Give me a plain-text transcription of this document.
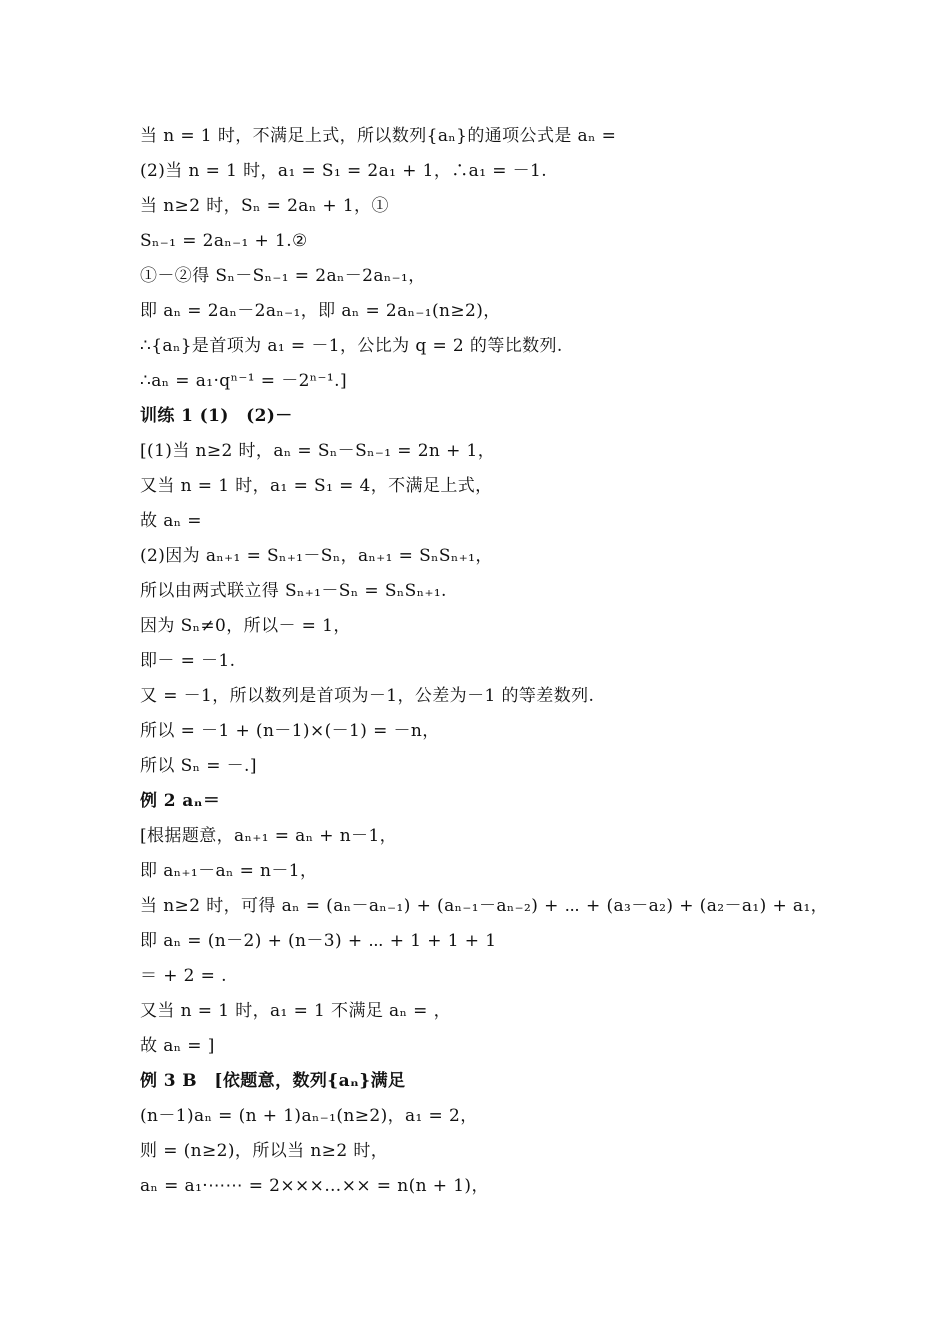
当 n = 1 时，不满足上式，所以数列{aₙ}的通项公式是 aₙ =
(2)当 n = 1 时，a₁ = S₁ = 2a₁ + 1，∴a₁ = －1.
当 n≥2 时，Sₙ = 2aₙ + 1，①
Sₙ₋₁ = 2aₙ₋₁ + 1.②
①－②得 Sₙ－Sₙ₋₁ = 2aₙ－2aₙ₋₁，
即 aₙ = 2aₙ－2aₙ₋₁，即 aₙ = 2aₙ₋₁(n≥2)，
∴{aₙ}是首项为 a₁ = －1，公比为 q = 2 的等比数列.
∴aₙ = a₁·qⁿ⁻¹ = －2ⁿ⁻¹.]
训练 1 (1)　(2)－
[(1)当 n≥2 时，aₙ = Sₙ－Sₙ₋₁ = 2n + 1，
又当 n = 1 时，a₁ = S₁ = 4，不满足上式，
故 aₙ =
(2)因为 aₙ₊₁ = Sₙ₊₁－Sₙ，aₙ₊₁ = SₙSₙ₊₁，
所以由两式联立得 Sₙ₊₁－Sₙ = SₙSₙ₊₁.
因为 Sₙ≠0，所以－ = 1，
即－ = －1.
又 = －1，所以数列是首项为－1，公差为－1 的等差数列.
所以 = －1 + (n－1)×(－1) = －n，
所以 Sₙ = －.]
例 2 aₙ＝
[根据题意，aₙ₊₁ = aₙ + n－1，
即 aₙ₊₁－aₙ = n－1，
当 n≥2 时，可得 aₙ = (aₙ－aₙ₋₁) + (aₙ₋₁－aₙ₋₂) + ⋯ + (a₃－a₂) + (a₂－a₁) + a₁，
即 aₙ = (n－2) + (n－3) + ⋯ + 1 + 1 + 1
＝ + 2 = .
又当 n = 1 时，a₁ = 1 不满足 aₙ = ，
故 aₙ = ]
例 3 B　[依题意，数列{aₙ}满足
(n－1)aₙ = (n + 1)aₙ₋₁(n≥2)，a₁ = 2，
则 = (n≥2)，所以当 n≥2 时，
aₙ = a₁·⋯⋯ = 2×××…×× = n(n + 1)，
